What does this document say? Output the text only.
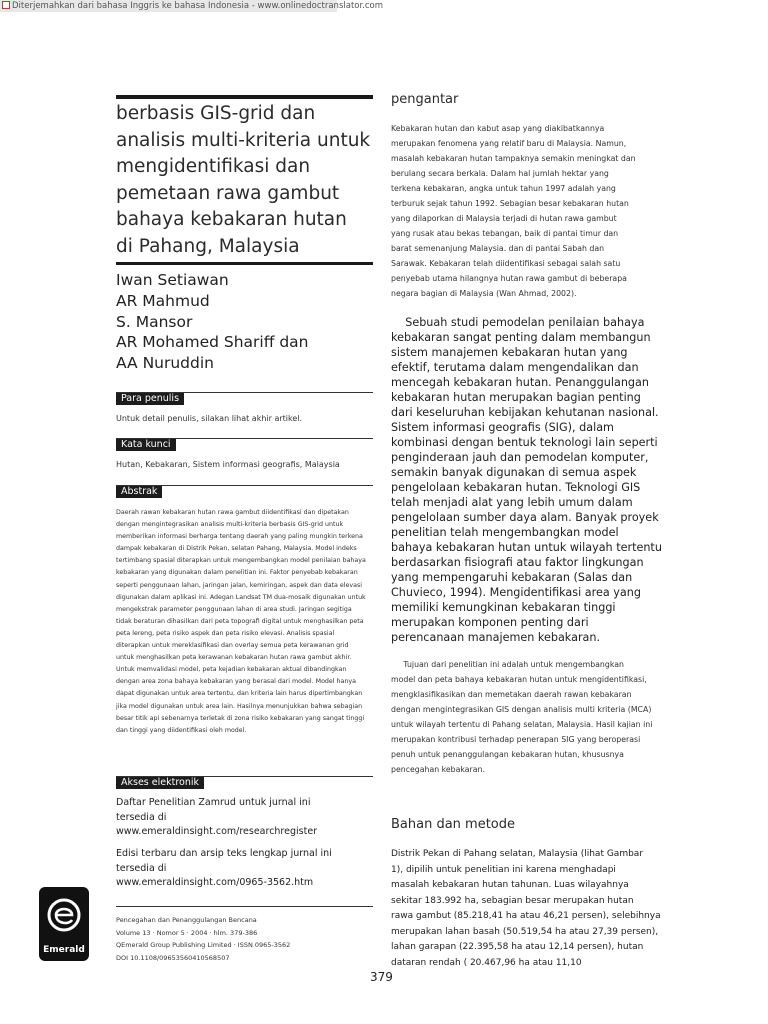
Diterjemahkan dari bahasa Inggris ke bahasa Indonesia - www.onlinedoctranslator.com
berbasis GIS-grid dan
analisis multi-kriteria untuk
mengidentifikasi dan
pemetaan rawa gambut
bahaya kebakaran hutan
di Pahang, Malaysia
Iwan Setiawan
AR Mahmud
S. Mansor
AR Mohamed Shariff dan
AA Nuruddin
Para penulis
Untuk detail penulis, silakan lihat akhir artikel.
Kata kunci
Hutan, Kebakaran, Sistem informasi geografis, Malaysia
Abstrak
Daerah rawan kebakaran hutan rawa gambut diidentifikasi dan dipetakan
dengan mengintegrasikan analisis multi-kriteria berbasis GIS-grid untuk
memberikan informasi berharga tentang daerah yang paling mungkin terkena
dampak kebakaran di Distrik Pekan, selatan Pahang, Malaysia. Model indeks
tertimbang spasial diterapkan untuk mengembangkan model penilaian bahaya
kebakaran yang digunakan dalam penelitian ini. Faktor penyebab kebakaran
seperti penggunaan lahan, jaringan jalan, kemiringan, aspek dan data elevasi
digunakan dalam aplikasi ini. Adegan Landsat TM dua-mosaik digunakan untuk
mengekstrak parameter penggunaan lahan di area studi. Jaringan segitiga
tidak beraturan dihasilkan dari peta topografi digital untuk menghasilkan peta
peta lereng, peta risiko aspek dan peta risiko elevasi. Analisis spasial
diterapkan untuk mereklasifikasi dan overlay semua peta kerawanan grid
untuk menghasilkan peta kerawanan kebakaran hutan rawa gambut akhir.
Untuk memvalidasi model, peta kejadian kebakaran aktual dibandingkan
dengan area zona bahaya kebakaran yang berasal dari model. Model hanya
dapat digunakan untuk area tertentu, dan kriteria lain harus dipertimbangkan
jika model digunakan untuk area lain. Hasilnya menunjukkan bahwa sebagian
besar titik api sebenarnya terletak di zona risiko kebakaran yang sangat tinggi
dan tinggi yang diidentifikasi oleh model.
Akses elektronik
Daftar Penelitian Zamrud untuk jurnal ini
tersedia di
www.emeraldinsight.com/researchregister
Edisi terbaru dan arsip teks lengkap jurnal ini
tersedia di
www.emeraldinsight.com/0965-3562.htm
Pencegahan dan Penanggulangan Bencana
Volume 13 · Nomor 5 · 2004 · hlm. 379-386
QEmerald Group Publishing Limited · ISSN 0965-3562
DOI 10.1108/09653560410568507
Emerald
pengantar
Kebakaran hutan dan kabut asap yang diakibatkannya
merupakan fenomena yang relatif baru di Malaysia. Namun,
masalah kebakaran hutan tampaknya semakin meningkat dan
berulang secara berkala. Dalam hal jumlah hektar yang
terkena kebakaran, angka untuk tahun 1997 adalah yang
terburuk sejak tahun 1992. Sebagian besar kebakaran hutan
yang dilaporkan di Malaysia terjadi di hutan rawa gambut
yang rusak atau bekas tebangan, baik di pantai timur dan
barat semenanjung Malaysia. dan di pantai Sabah dan
Sarawak. Kebakaran telah diidentifikasi sebagai salah satu
penyebab utama hilangnya hutan rawa gambut di beberapa
negara bagian di Malaysia (Wan Ahmad, 2002).
Sebuah studi pemodelan penilaian bahaya
kebakaran sangat penting dalam membangun
sistem manajemen kebakaran hutan yang
efektif, terutama dalam mengendalikan dan
mencegah kebakaran hutan. Penanggulangan
kebakaran hutan merupakan bagian penting
dari keseluruhan kebijakan kehutanan nasional.
Sistem informasi geografis (SIG), dalam
kombinasi dengan bentuk teknologi lain seperti
penginderaan jauh dan pemodelan komputer,
semakin banyak digunakan di semua aspek
pengelolaan kebakaran hutan. Teknologi GIS
telah menjadi alat yang lebih umum dalam
pengelolaan sumber daya alam. Banyak proyek
penelitian telah mengembangkan model
bahaya kebakaran hutan untuk wilayah tertentu
berdasarkan fisiografi atau faktor lingkungan
yang mempengaruhi kebakaran (Salas dan
Chuvieco, 1994). Mengidentifikasi area yang
memiliki kemungkinan kebakaran tinggi
merupakan komponen penting dari
perencanaan manajemen kebakaran.
Tujuan dari penelitian ini adalah untuk mengembangkan
model dan peta bahaya kebakaran hutan untuk mengidentifikasi,
mengklasifikasikan dan memetakan daerah rawan kebakaran
dengan mengintegrasikan GIS dengan analisis multi kriteria (MCA)
untuk wilayah tertentu di Pahang selatan, Malaysia. Hasil kajian ini
merupakan kontribusi terhadap penerapan SIG yang beroperasi
penuh untuk penanggulangan kebakaran hutan, khususnya
pencegahan kebakaran.
Bahan dan metode
Distrik Pekan di Pahang selatan, Malaysia (lihat Gambar
1), dipilih untuk penelitian ini karena menghadapi
masalah kebakaran hutan tahunan. Luas wilayahnya
sekitar 183.992 ha, sebagian besar merupakan hutan
rawa gambut (85.218,41 ha atau 46,21 persen), selebihnya
merupakan lahan basah (50.519,54 ha atau 27,39 persen),
lahan garapan (22.395,58 ha atau 12,14 persen), hutan
dataran rendah ( 20.467,96 ha atau 11,10
379
